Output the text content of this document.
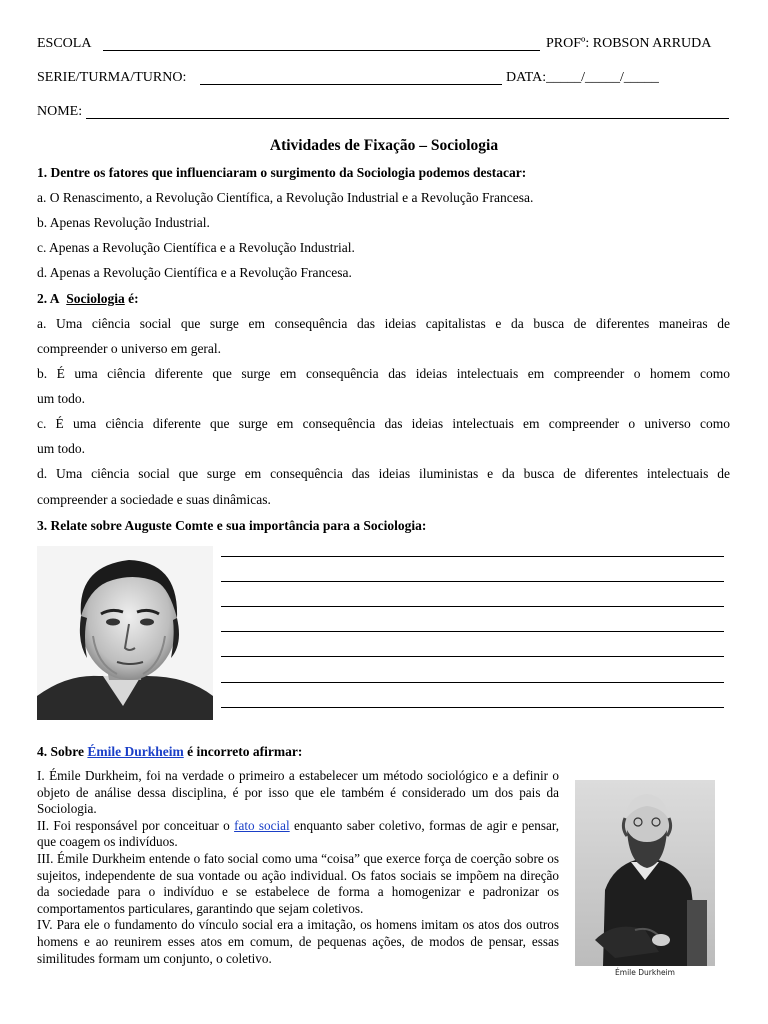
ESCOLA	PROFº: ROBSON ARRUDA
SERIE/TURMA/TURNO:	DATA:_____/_____/_____
NOME:
Atividades de Fixação – Sociologia
1. Dentre os fatores que influenciaram o surgimento da Sociologia podemos destacar:
a. O Renascimento, a Revolução Científica, a Revolução Industrial e a Revolução Francesa.
b. Apenas Revolução Industrial.
c. Apenas a Revolução Científica e a Revolução Industrial.
d. Apenas a Revolução Científica e a Revolução Francesa.
2. A Sociologia é:
a. Uma ciência social que surge em consequência das ideias capitalistas e da busca de diferentes maneiras de
compreender o universo em geral.
b. É uma ciência diferente que surge em consequência das ideias intelectuais em compreender o homem como
um todo.
c. É uma ciência diferente que surge em consequência das ideias intelectuais em compreender o universo como
um todo.
d. Uma ciência social que surge em consequência das ideias iluministas e da busca de diferentes intelectuais de
compreender a sociedade e suas dinâmicas.
3. Relate sobre Auguste Comte e sua importância para a Sociologia:
4. Sobre Émile Durkheim é incorreto afirmar:

I. Émile Durkheim, foi na verdade o primeiro a estabelecer um método sociológico e a definir o objeto de análise dessa disciplina, é por isso que ele também é considerado um dos pais da Sociologia.

II. Foi responsável por conceituar o fato social enquanto saber coletivo, formas de agir e pensar, que coagem os indivíduos.

III. Émile Durkheim entende o fato social como uma “coisa” que exerce força de coerção sobre os sujeitos, independente de sua vontade ou ação individual. Os fatos sociais se impõem na direção da sociedade para o indivíduo e se estabelece de forma a homogenizar e padronizar os comportamentos particulares, garantindo que sejam coletivos.

IV. Para ele o fundamento do vínculo social era a imitação, os homens imitam os atos dos outros homens e ao reunirem esses atos em comum, de pequenas ações, de modos de pensar, essas similitudes formam um conjunto, o coletivo.

Émile Durkheim
